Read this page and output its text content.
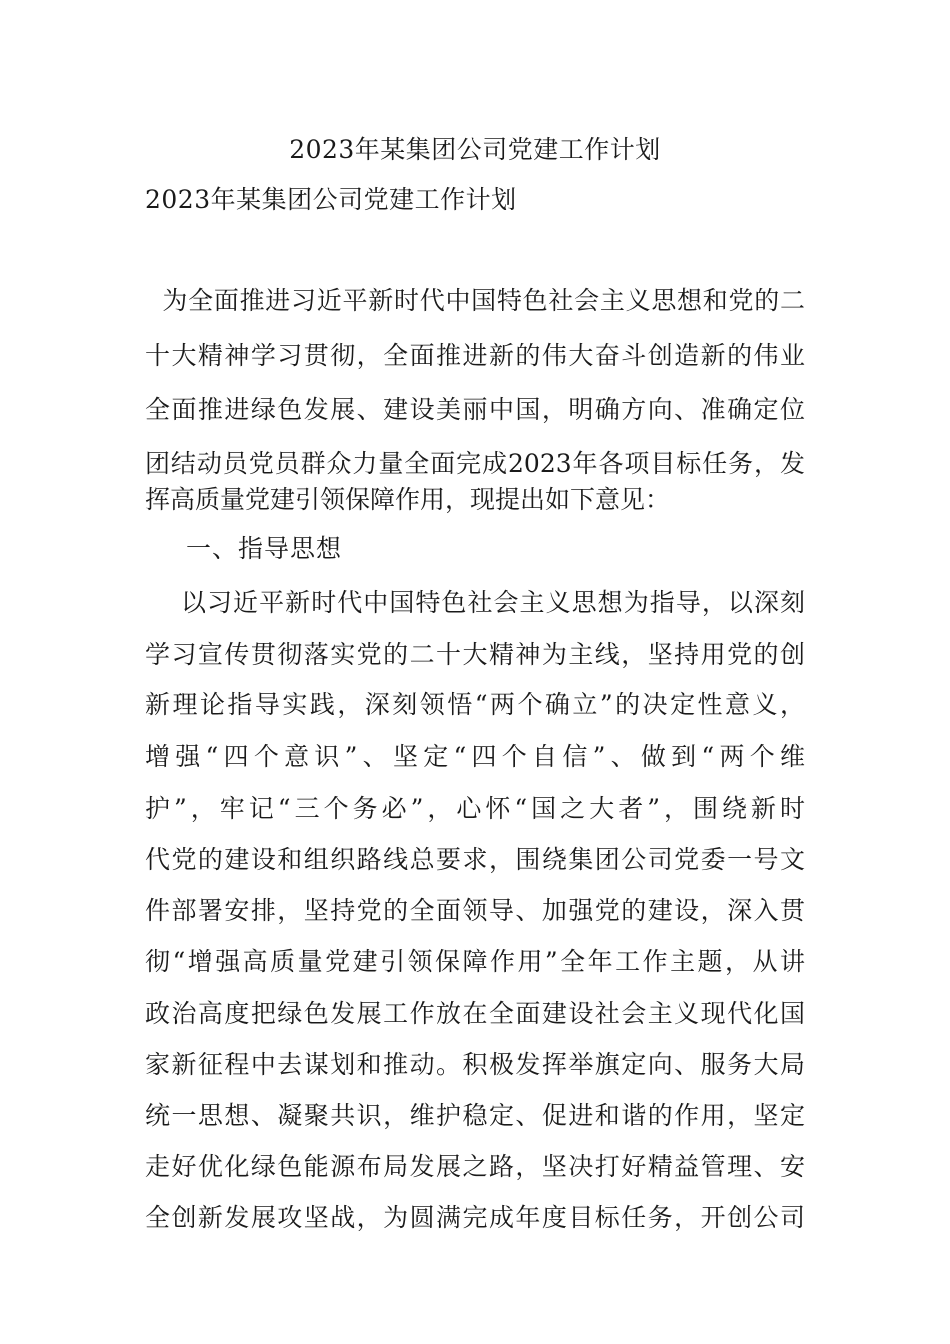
2023年某集团公司党建工作计划
2023年某集团公司党建工作计划
为全面推进习近平新时代中国特色社会主义思想和党的二
十大精神学习贯彻，全面推进新的伟大奋斗创造新的伟业
全面推进绿色发展、建设美丽中国，明确方向、准确定位
团结动员党员群众力量全面完成2023年各项目标任务，发
挥高质量党建引领保障作用，现提出如下意见：
一、指导思想
以习近平新时代中国特色社会主义思想为指导，以深刻
学习宣传贯彻落实党的二十大精神为主线，坚持用党的创
新理论指导实践，深刻领悟“两个确立”的决定性意义，
增强“四个意识”、坚定“四个自信”、做到“两个维
护”，牢记“三个务必”，心怀“国之大者”，围绕新时
代党的建设和组织路线总要求，围绕集团公司党委一号文
件部署安排，坚持党的全面领导、加强党的建设，深入贯
彻“增强高质量党建引领保障作用”全年工作主题，从讲
政治高度把绿色发展工作放在全面建设社会主义现代化国
家新征程中去谋划和推动。积极发挥举旗定向、服务大局
统一思想、凝聚共识，维护稳定、促进和谐的作用，坚定
走好优化绿色能源布局发展之路，坚决打好精益管理、安
全创新发展攻坚战，为圆满完成年度目标任务，开创公司
